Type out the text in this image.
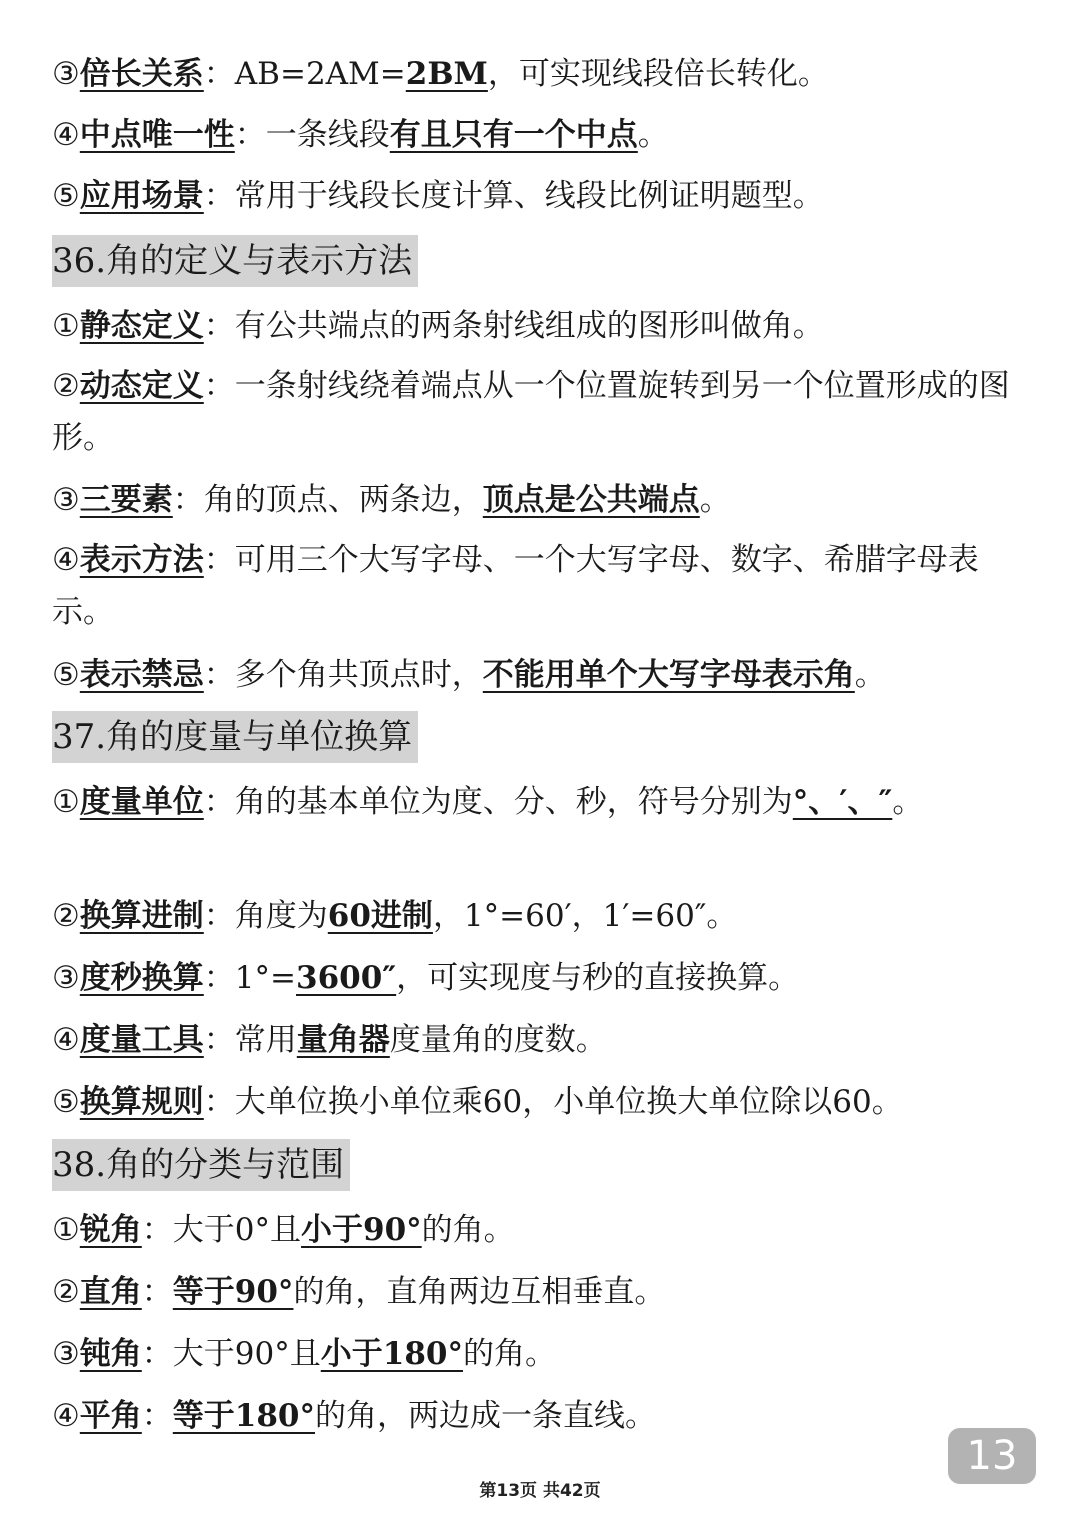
③倍长关系：AB=2AM=2BM，可实现线段倍长转化。
④中点唯一性：一条线段有且只有一个中点。
⑤应用场景：常用于线段长度计算、线段比例证明题型。
36.角的定义与表示方法
①静态定义：有公共端点的两条射线组成的图形叫做角。
②动态定义：一条射线绕着端点从一个位置旋转到另一个位置形成的图形。
③三要素：角的顶点、两条边，顶点是公共端点。
④表示方法：可用三个大写字母、一个大写字母、数字、希腊字母表示。
⑤表示禁忌：多个角共顶点时，不能用单个大写字母表示角。
37.角的度量与单位换算
①度量单位：角的基本单位为度、分、秒，符号分别为°、′、″。
②换算进制：角度为60进制，1°=60′，1′=60″。
③度秒换算：1°=3600″，可实现度与秒的直接换算。
④度量工具：常用量角器度量角的度数。
⑤换算规则：大单位换小单位乘60，小单位换大单位除以60。
38.角的分类与范围
①锐角：大于0°且小于90°的角。
②直角：等于90°的角，直角两边互相垂直。
③钝角：大于90°且小于180°的角。
④平角：等于180°的角，两边成一条直线。
13
第13页 共42页
